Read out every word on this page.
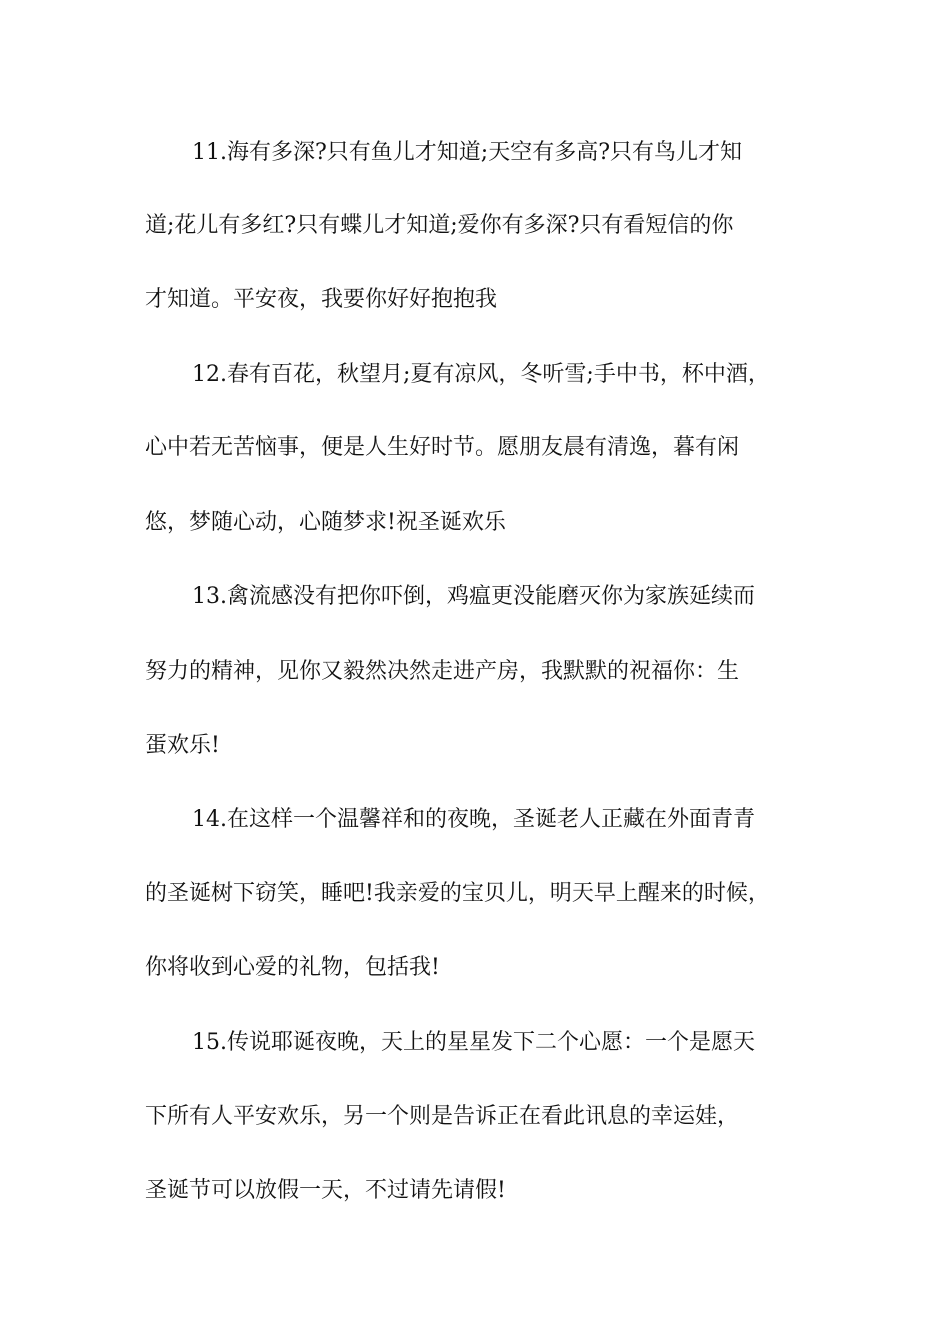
11.海有多深?只有鱼儿才知道;天空有多高?只有鸟儿才知
道;花儿有多红?只有蝶儿才知道;爱你有多深?只有看短信的你
才知道。平安夜，我要你好好抱抱我
12.春有百花，秋望月;夏有凉风，冬听雪;手中书，杯中酒，
心中若无苦恼事，便是人生好时节。愿朋友晨有清逸，暮有闲
悠，梦随心动，心随梦求!祝圣诞欢乐
13.禽流感没有把你吓倒，鸡瘟更没能磨灭你为家族延续而
努力的精神，见你又毅然决然走进产房，我默默的祝福你：生
蛋欢乐!
14.在这样一个温馨祥和的夜晚，圣诞老人正藏在外面青青
的圣诞树下窃笑，睡吧!我亲爱的宝贝儿，明天早上醒来的时候，
你将收到心爱的礼物，包括我!
15.传说耶诞夜晚，天上的星星发下二个心愿：一个是愿天
下所有人平安欢乐，另一个则是告诉正在看此讯息的幸运娃，
圣诞节可以放假一天，不过请先请假!
